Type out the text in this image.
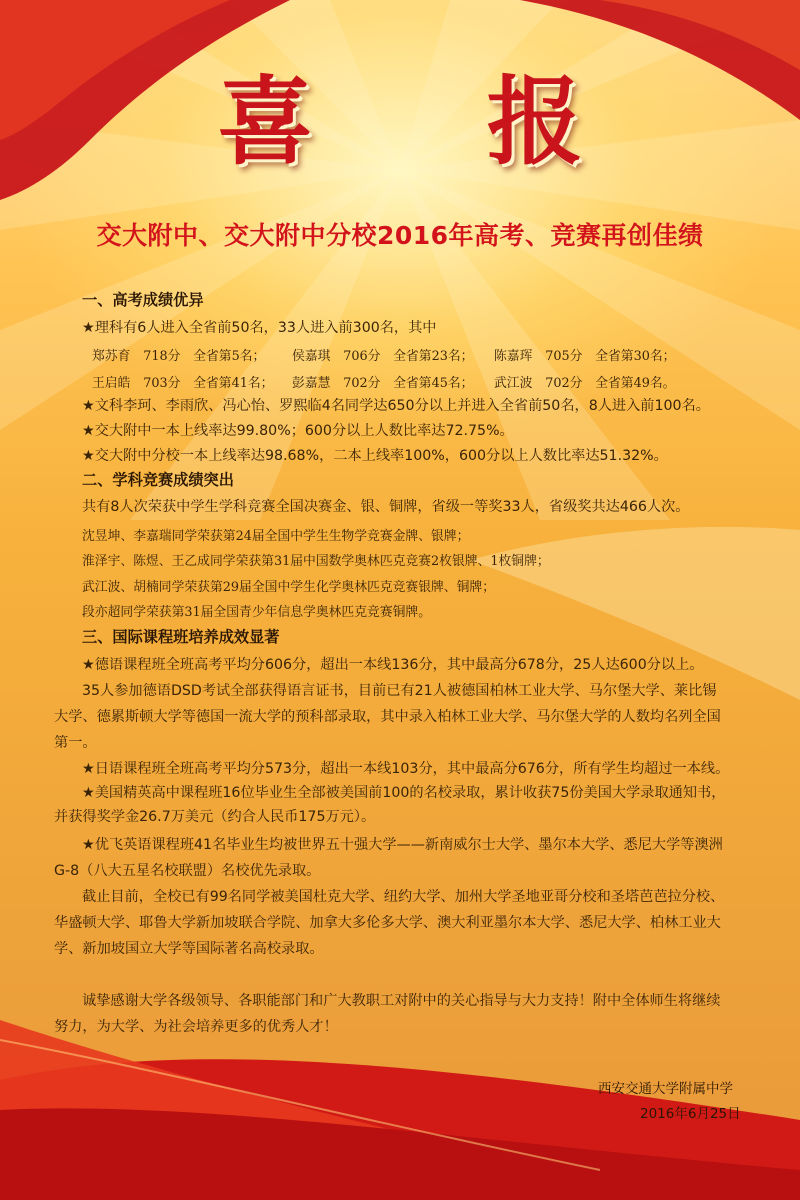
喜 报
交大附中、交大附中分校2016年高考、竞赛再创佳绩
一、高考成绩优异
★理科有6人进入全省前50名，33人进入前300名，其中
郑苏育　718分　全省第5名； 侯嘉琪　706分　全省第23名； 陈嘉珲　705分　全省第30名；
王启皓　703分　全省第41名； 彭嘉慧　702分　全省第45名； 武江波　702分　全省第49名。
★文科李珂、李雨欣、冯心怡、罗熙临4名同学达650分以上并进入全省前50名，8人进入前100名。
★交大附中一本上线率达99.80%；600分以上人数比率达72.75%。
★交大附中分校一本上线率达98.68%，二本上线率100%，600分以上人数比率达51.32%。
二、学科竞赛成绩突出
共有8人次荣获中学生学科竞赛全国决赛金、银、铜牌，省级一等奖33人，省级奖共达466人次。
沈昱坤、李嘉瑞同学荣获第24届全国中学生生物学竞赛金牌、银牌；
淮泽宇、陈煜、王乙成同学荣获第31届中国数学奥林匹克竞赛2枚银牌、1枚铜牌；
武江波、胡楠同学荣获第29届全国中学生化学奥林匹克竞赛银牌、铜牌；
段亦超同学荣获第31届全国青少年信息学奥林匹克竞赛铜牌。
三、国际课程班培养成效显著
★德语课程班全班高考平均分606分，超出一本线136分，其中最高分678分，25人达600分以上。
35人参加德语DSD考试全部获得语言证书，目前已有21人被德国柏林工业大学、马尔堡大学、莱比锡
大学、德累斯顿大学等德国一流大学的预科部录取，其中录入柏林工业大学、马尔堡大学的人数均名列全国
第一。
★日语课程班全班高考平均分573分，超出一本线103分，其中最高分676分，所有学生均超过一本线。
★美国精英高中课程班16位毕业生全部被美国前100的名校录取，累计收获75份美国大学录取通知书，
并获得奖学金26.7万美元（约合人民币175万元）。
★优飞英语课程班41名毕业生均被世界五十强大学——新南威尔士大学、墨尔本大学、悉尼大学等澳洲
G-8（八大五星名校联盟）名校优先录取。
截止目前，全校已有99名同学被美国杜克大学、纽约大学、加州大学圣地亚哥分校和圣塔芭芭拉分校、
华盛顿大学、耶鲁大学新加坡联合学院、加拿大多伦多大学、澳大利亚墨尔本大学、悉尼大学、柏林工业大
学、新加坡国立大学等国际著名高校录取。
诚挚感谢大学各级领导、各职能部门和广大教职工对附中的关心指导与大力支持！附中全体师生将继续
努力，为大学、为社会培养更多的优秀人才！
西安交通大学附属中学
2016年6月25日
